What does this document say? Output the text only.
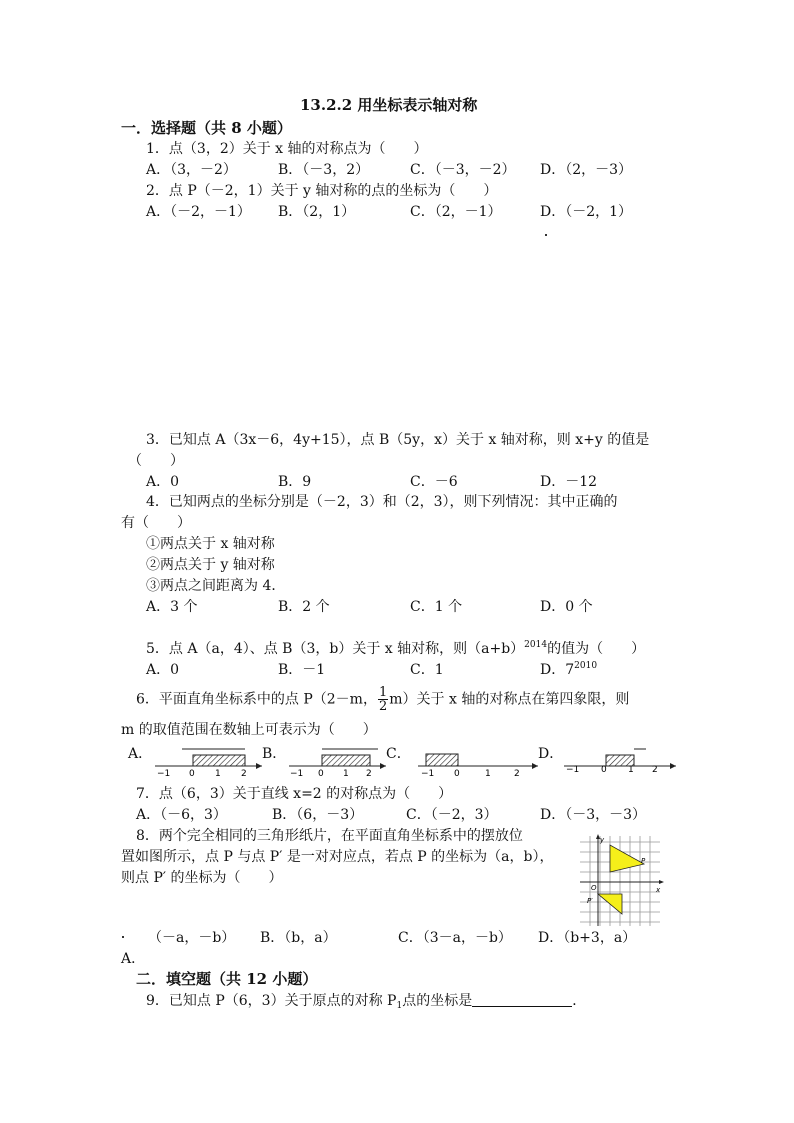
13.2.2 用坐标表示轴对称
一．选择题（共 8 小题）
1．点（3，2）关于 x 轴的对称点为（　　）
A．（3，－2）	B．（－3，2）	C．（－3，－2） D．（2，－3）
2．点 P（－2，1）关于 y 轴对称的点的坐标为（　　）
A．（－2，－1） B．（2，1）	C．（2，－1）	D．（－2，1）
3．已知点 A（3x－6，4y+15），点 B（5y，x）关于 x 轴对称，则 x+y 的值是
（　　）
A．0	B．9	C．－6	D．－12
4．已知两点的坐标分别是（－2，3）和（2，3），则下列情况：其中正确的
有（　　）
①两点关于 x 轴对称
②两点关于 y 轴对称
③两点之间距离为 4．
A．3 个	B．2 个	C．1 个	D．0 个
5．点 A（a，4）、点 B（3，b）关于 x 轴对称，则$(a+b)^{2014}$的值为（　　）
A．0	B．－1	C．1	D．$7^{2010}$
6．平面直角坐标系中的点 P（2－m， $\frac{1}{2} m$）关于 x 轴的对称点在第四象限，则
m 的取值范围在数轴上可表示为（　　）
A．	B．	C．	D．
−1 0 1 2	−1 0 1 2	−1 0	1	2	−1 0 1 2
y
x
O
P
P′
7．点（6，3）关于直线 x=2 的对称点为（　　）
A．（－6，3）	B．（6，－3）	C．（－2，3）	D．（－3，－3）
8．两个完全相同的三角形纸片，在平面直角坐标系中的摆放位
置如图所示，点 P 与点 P′ 是一对对应点，若点 P 的坐标为（a，b），
则点 P′ 的坐标为（　　）
（－a，－b） B．（b，a）	C．（3－a，－b） D．（b+3，a）
A．
二．填空题（共 12 小题）
9．已知点 P（6，3）关于原点的对称 $P_1$点的坐标是	．
